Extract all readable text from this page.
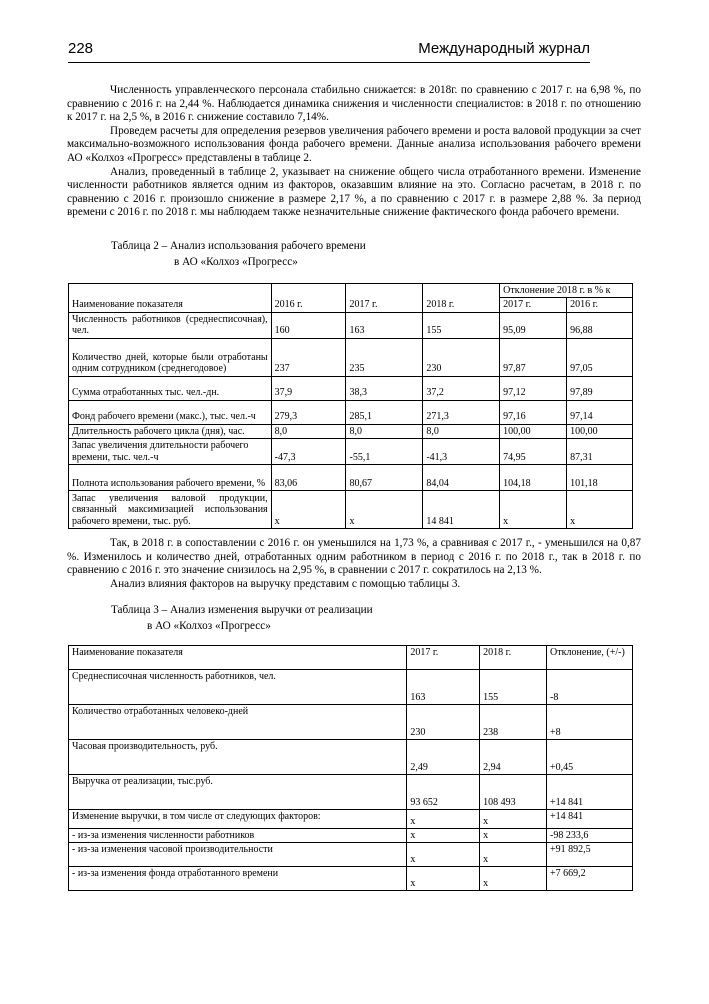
228	Международный журнал

Численность управленческого персонала стабильно снижается: в 2018г. по сравнению с 2017 г. на 6,98 %, по сравнению с 2016 г. на 2,44 %. Наблюдается динамика снижения и численности специалистов: в 2018 г. по отношению к 2017 г. на 2,5 %, в 2016 г. снижение составило 7,14%.

Проведем расчеты для определения резервов увеличения рабочего времени и роста валовой продукции за счет максимально-возможного использования фонда рабочего времени. Данные анализа использования рабочего времени АО «Колхоз «Прогресс» представлены в таблице 2.

Анализ, проведенный в таблице 2, указывает на снижение общего числа отработанного времени. Изменение численности работников является одним из факторов, оказавшим влияние на это. Согласно расчетам, в 2018 г. по сравнению с 2016 г. произошло снижение в размере 2,17 %, а по сравнению с 2017 г. в размере 2,88 %. За период времени с 2016 г. по 2018 г. мы наблюдаем также незначительные снижение фактического фонда рабочего времени.

Таблица 2 – Анализ использования рабочего времени
в АО «Колхоз «Прогресс»
Наименование показателя	2016 г.	2017 г.	2018 г.	Отклонение 2018 г. в % к	
				2017 г.	2016 г.
Численность работников (среднесписочная), чел.	160	163	155	95,09	96,88
Количество дней, которые были отработаны одним сотрудником (среднегодовое)	237	235	230	97,87	97,05
Сумма отработанных тыс. чел.-дн.	37,9	38,3	37,2	97,12	97,89
Фонд рабочего времени (макс.), тыс. чел.-ч	279,3	285,1	271,3	97,16	97,14
Длительность рабочего цикла (дня), час.	8,0	8,0	8,0	100,00	100,00
Запас увеличения длительности рабочего времени, тыс. чел.-ч	-47,3	-55,1	-41,3	74,95	87,31
Полнота использования рабочего времени, %	83,06	80,67	84,04	104,18	101,18
Запас увеличения валовой продукции, связанный максимизацией использования рабочего времени, тыс. руб.	х	х	14 841	х	х

Так, в 2018 г. в сопоставлении с 2016 г. он уменьшился на 1,73 %, а сравнивая с 2017 г., - уменьшился на 0,87 %. Изменилось и количество дней, отработанных одним работником в период с 2016 г. по 2018 г., так в 2018 г. по сравнению с 2016 г. это значение снизилось на 2,95 %, в сравнении с 2017 г. сократилось на 2,13 %.

Анализ влияния факторов на выручку представим с помощью таблицы 3.

Таблица 3 – Анализ изменения выручки от реализации
в АО «Колхоз «Прогресс»
Наименование показателя	2017 г.	2018 г.	Отклонение, (+/-)
Среднесписочная численность работников, чел.	163	155	-8
Количество отработанных человеко-дней	230	238	+8
Часовая производительность, руб.	2,49	2,94	+0,45
Выручка от реализации, тыс.руб.	93 652	108 493	+14 841
Изменение выручки, в том числе от следующих факторов:	х	х	+14 841
- из-за изменения численности работников	х	х	-98 233,6
- из-за изменения часовой производительности	х	х	+91 892,5
- из-за изменения фонда отработанного времени	х	х	+7 669,2
